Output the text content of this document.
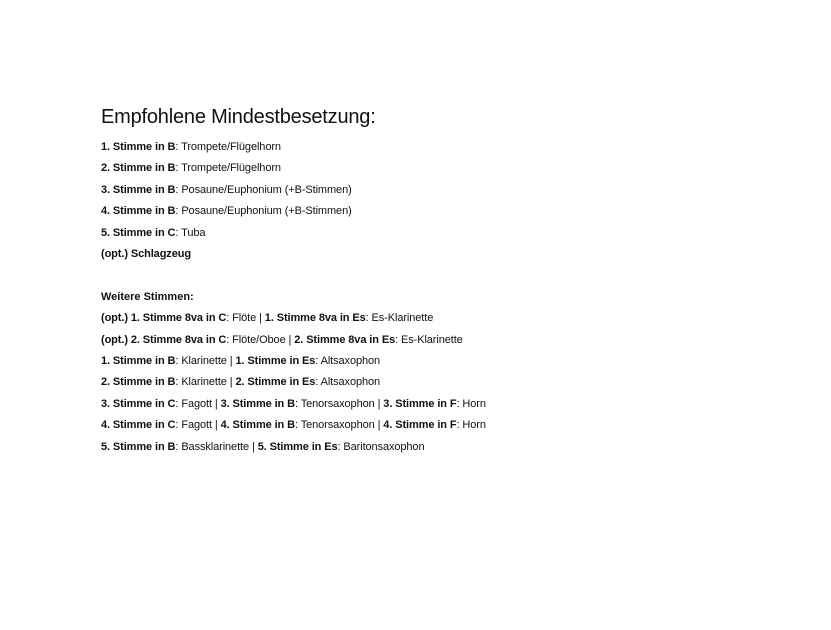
Empfohlene Mindestbesetzung:
1. Stimme in B: Trompete/Flügelhorn
2. Stimme in B: Trompete/Flügelhorn
3. Stimme in B: Posaune/Euphonium (+B-Stimmen)
4. Stimme in B: Posaune/Euphonium (+B-Stimmen)
5. Stimme in C: Tuba
(opt.) Schlagzeug

Weitere Stimmen:

(opt.) 1. Stimme 8va in C: Flöte | 1. Stimme 8va in Es: Es-Klarinette
(opt.) 2. Stimme 8va in C: Flöte/Oboe | 2. Stimme 8va in Es: Es-Klarinette
1. Stimme in B: Klarinette | 1. Stimme in Es: Altsaxophon
2. Stimme in B: Klarinette | 2. Stimme in Es: Altsaxophon
3. Stimme in C: Fagott | 3. Stimme in B: Tenorsaxophon | 3. Stimme in F: Horn
4. Stimme in C: Fagott | 4. Stimme in B: Tenorsaxophon | 4. Stimme in F: Horn
5. Stimme in B: Bassklarinette | 5. Stimme in Es: Baritonsaxophon
